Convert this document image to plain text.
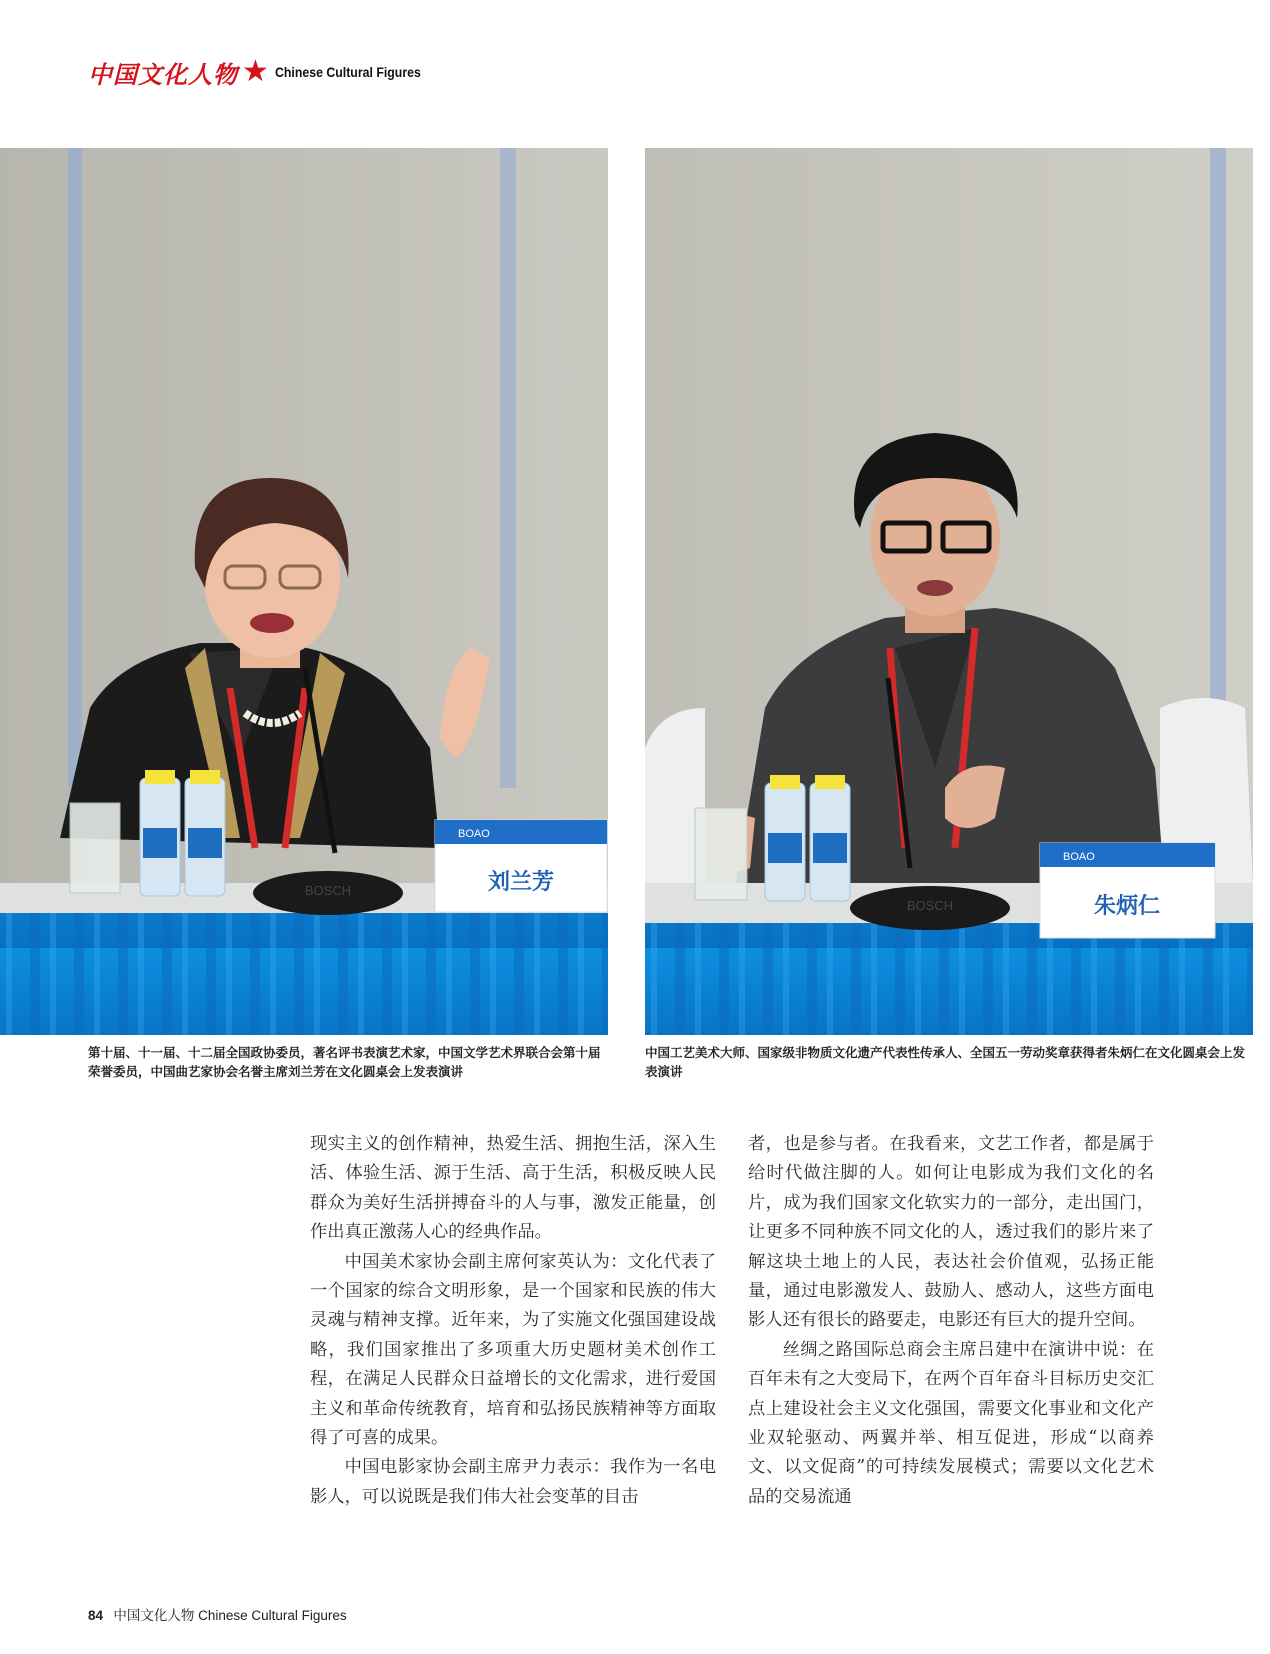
中国文化人物 ★ Chinese Cultural Figures
BOSCH
BOAO
刘兰芳
BOSCH
BOAO
朱炳仁
第十届、十一届、十二届全国政协委员，著名评书表演艺术家，中国文学艺术界联合会第十届荣誉委员，中国曲艺家协会名誉主席刘兰芳在文化圆桌会上发表演讲
中国工艺美术大师、国家级非物质文化遗产代表性传承人、全国五一劳动奖章获得者朱炳仁在文化圆桌会上发表演讲

现实主义的创作精神，热爱生活、拥抱生活，深入生活、体验生活、源于生活、高于生活，积极反映人民群众为美好生活拼搏奋斗的人与事，激发正能量，创作出真正激荡人心的经典作品。

中国美术家协会副主席何家英认为：文化代表了一个国家的综合文明形象，是一个国家和民族的伟大灵魂与精神支撑。近年来，为了实施文化强国建设战略，我们国家推出了多项重大历史题材美术创作工程，在满足人民群众日益增长的文化需求，进行爱国主义和革命传统教育，培育和弘扬民族精神等方面取得了可喜的成果。

中国电影家协会副主席尹力表示：我作为一名电影人，可以说既是我们伟大社会变革的目击

者，也是参与者。在我看来，文艺工作者，都是属于给时代做注脚的人。如何让电影成为我们文化的名片，成为我们国家文化软实力的一部分，走出国门，让更多不同种族不同文化的人，透过我们的影片来了解这块土地上的人民，表达社会价值观，弘扬正能量，通过电影激发人、鼓励人、感动人，这些方面电影人还有很长的路要走，电影还有巨大的提升空间。

丝绸之路国际总商会主席吕建中在演讲中说：在百年未有之大变局下，在两个百年奋斗目标历史交汇点上建设社会主义文化强国，需要文化事业和文化产业双轮驱动、两翼并举、相互促进，形成“以商养文、以文促商”的可持续发展模式；需要以文化艺术品的交易流通

84 中国文化人物 Chinese Cultural Figures
